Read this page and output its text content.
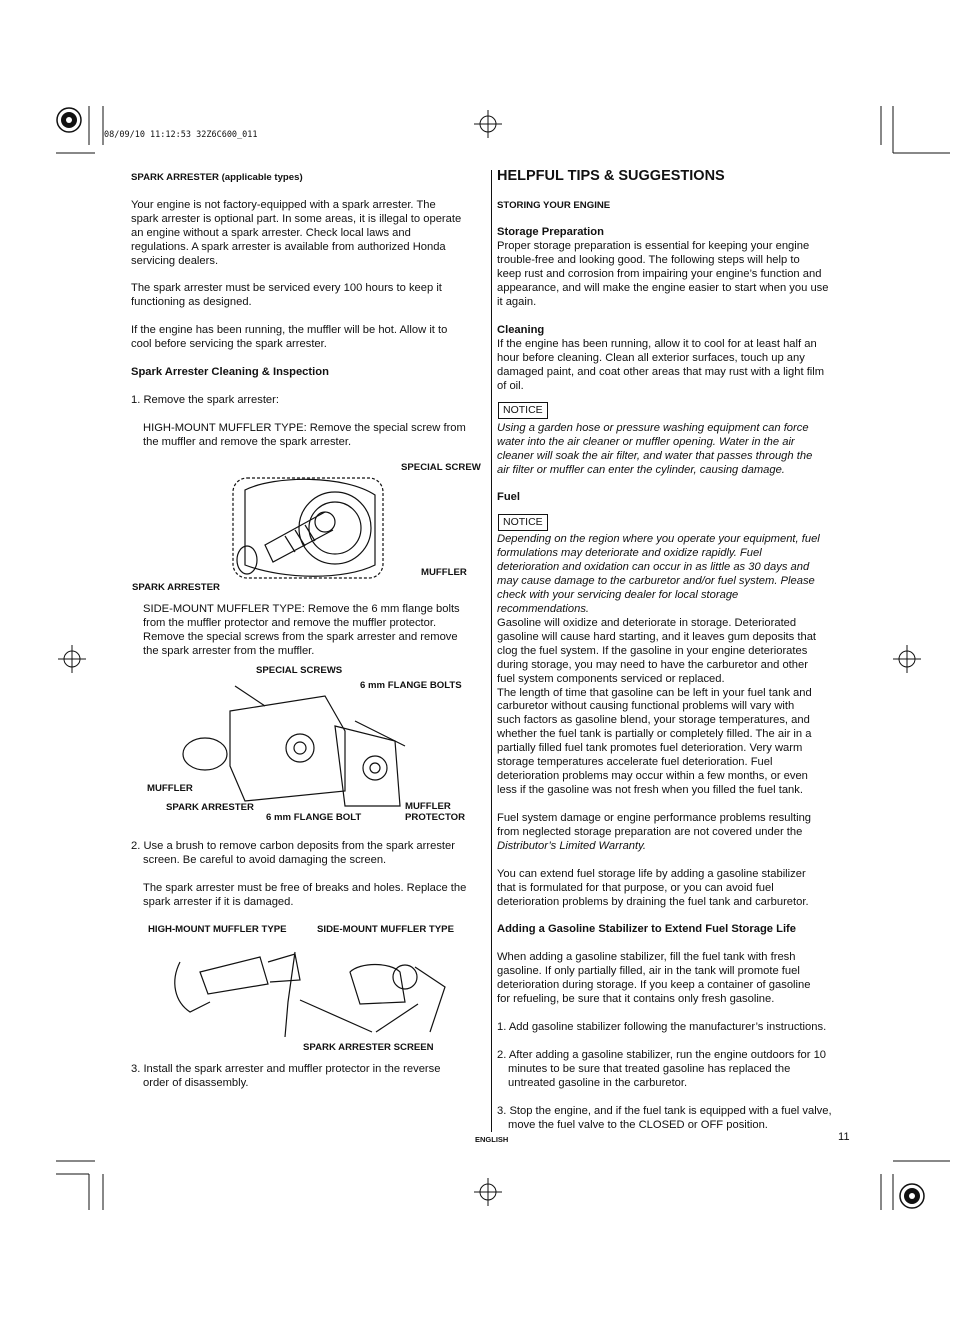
08/09/10 11:12:53 32Z6C600_011
SPARK ARRESTER (applicable types)

Your engine is not factory-equipped with a spark arrester. The

spark arrester is optional part. In some areas, it is illegal to operate

an engine without a spark arrester. Check local laws and

regulations. A spark arrester is available from authorized Honda

servicing dealers.

The spark arrester must be serviced every 100 hours to keep it

functioning as designed.

If the engine has been running, the muffler will be hot. Allow it to

cool before servicing the spark arrester.

Spark Arrester Cleaning & Inspection
1. Remove the spark arrester:

HIGH-MOUNT MUFFLER TYPE: Remove the special screw from

the muffler and remove the spark arrester.

SPECIAL SCREW
MUFFLER
SPARK ARRESTER

SIDE-MOUNT MUFFLER TYPE: Remove the 6 mm flange bolts

from the muffler protector and remove the muffler protector.

Remove the special screws from the spark arrester and remove

the spark arrester from the muffler.

SPECIAL SCREWS
6 mm FLANGE BOLTS
MUFFLER
SPARK ARRESTER
6 mm FLANGE BOLT

MUFFLER

PROTECTOR

2. Use a brush to remove carbon deposits from the spark arrester

screen. Be careful to avoid damaging the screen.

The spark arrester must be free of breaks and holes. Replace the

spark arrester if it is damaged.

HIGH-MOUNT MUFFLER TYPE	SIDE-MOUNT MUFFLER TYPE
SPARK ARRESTER SCREEN

3. Install the spark arrester and muffler protector in the reverse

order of disassembly.

HELPFUL TIPS & SUGGESTIONS
STORING YOUR ENGINE
Storage Preparation

Proper storage preparation is essential for keeping your engine

trouble-free and looking good. The following steps will help to

keep rust and corrosion from impairing your engine’s function and

appearance, and will make the engine easier to start when you use

it again.

Cleaning

If the engine has been running, allow it to cool for at least half an

hour before cleaning. Clean all exterior surfaces, touch up any

damaged paint, and coat other areas that may rust with a light film

of oil.

NOTICE

Using a garden hose or pressure washing equipment can force

water into the air cleaner or muffler opening. Water in the air

cleaner will soak the air filter, and water that passes through the

air filter or muffler can enter the cylinder, causing damage.

Fuel
NOTICE

Depending on the region where you operate your equipment, fuel

formulations may deteriorate and oxidize rapidly. Fuel

deterioration and oxidation can occur in as little as 30 days and

may cause damage to the carburetor and/or fuel system. Please

check with your servicing dealer for local storage

recommendations.

Gasoline will oxidize and deteriorate in storage. Deteriorated

gasoline will cause hard starting, and it leaves gum deposits that

clog the fuel system. If the gasoline in your engine deteriorates

during storage, you may need to have the carburetor and other

fuel system components serviced or replaced.

The length of time that gasoline can be left in your fuel tank and

carburetor without causing functional problems will vary with

such factors as gasoline blend, your storage temperatures, and

whether the fuel tank is partially or completely filled. The air in a

partially filled fuel tank promotes fuel deterioration. Very warm

storage temperatures accelerate fuel deterioration. Fuel

deterioration problems may occur within a few months, or even

less if the gasoline was not fresh when you filled the fuel tank.

Fuel system damage or engine performance problems resulting

from neglected storage preparation are not covered under the

Distributor’s Limited Warranty.

You can extend fuel storage life by adding a gasoline stabilizer

that is formulated for that purpose, or you can avoid fuel

deterioration problems by draining the fuel tank and carburetor.

Adding a Gasoline Stabilizer to Extend Fuel Storage Life

When adding a gasoline stabilizer, fill the fuel tank with fresh

gasoline. If only partially filled, air in the tank will promote fuel

deterioration during storage. If you keep a container of gasoline

for refueling, be sure that it contains only fresh gasoline.

1. Add gasoline stabilizer following the manufacturer’s instructions.

2. After adding a gasoline stabilizer, run the engine outdoors for 10

minutes to be sure that treated gasoline has replaced the

untreated gasoline in the carburetor.

3. Stop the engine, and if the fuel tank is equipped with a fuel valve,

move the fuel valve to the CLOSED or OFF position.

ENGLISH	11
